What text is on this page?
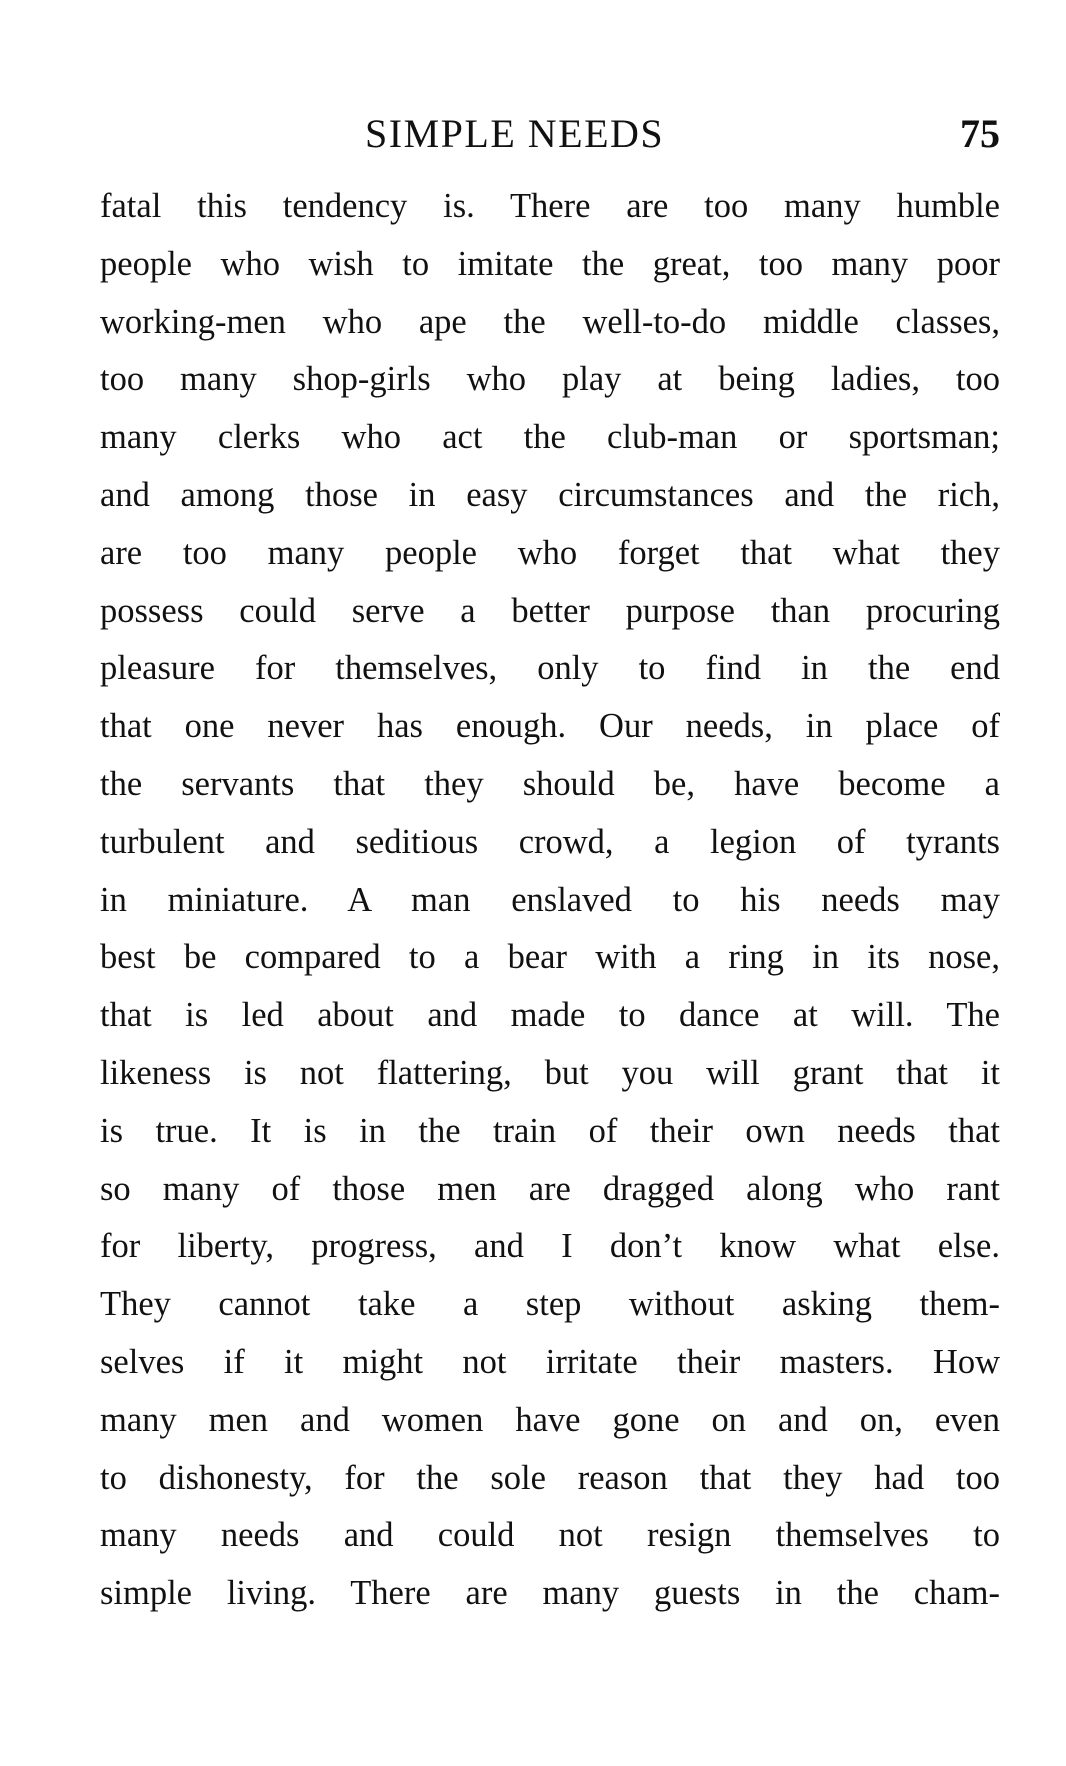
SIMPLE NEEDS	75
fatal this tendency is. There are too many humble
people who wish to imitate the great, too many poor
working-men who ape the well-to-do middle classes,
too many shop-girls who play at being ladies, too
many clerks who act the club-man or sportsman;
and among those in easy circumstances and the rich,
are too many people who forget that what they
possess could serve a better purpose than procuring
pleasure for themselves, only to find in the end
that one never has enough. Our needs, in place of
the servants that they should be, have become a
turbulent and seditious crowd, a legion of tyrants
in miniature. A man enslaved to his needs may
best be compared to a bear with a ring in its nose,
that is led about and made to dance at will. The
likeness is not flattering, but you will grant that it
is true. It is in the train of their own needs that
so many of those men are dragged along who rant
for liberty, progress, and I don’t know what else.
They cannot take a step without asking them-
selves if it might not irritate their masters. How
many men and women have gone on and on, even
to dishonesty, for the sole reason that they had too
many needs and could not resign themselves to
simple living. There are many guests in the cham-
